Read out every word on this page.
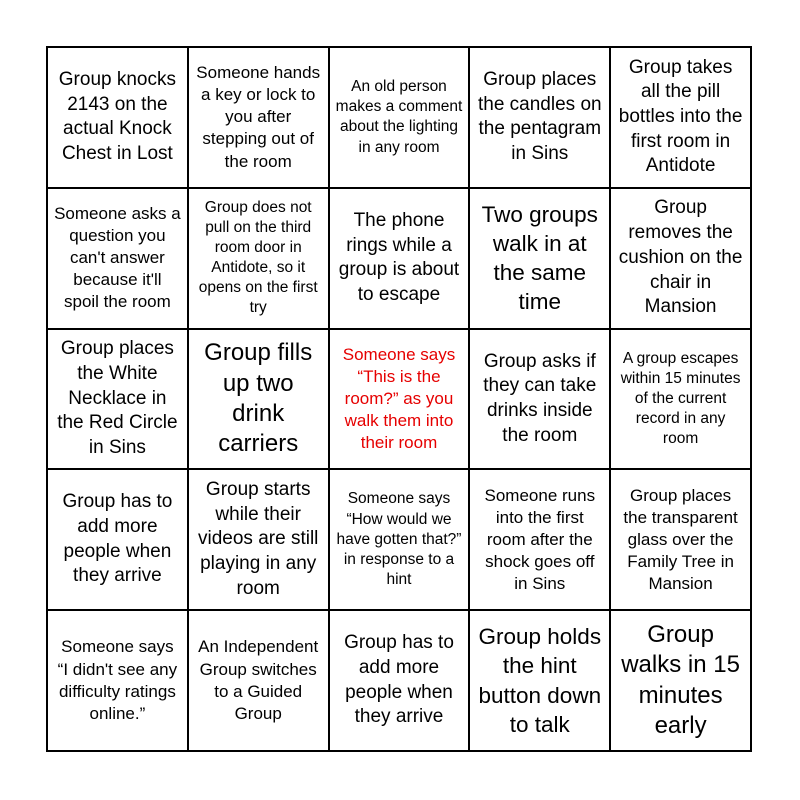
Group knocks 2143 on the actual Knock Chest in Lost
Someone hands a key or lock to you after stepping out of the room
An old person makes a comment about the lighting in any room
Group places the candles on the pentagram in Sins
Group takes all the pill bottles into the first room in Antidote
Someone asks a question you can't answer because it'll spoil the room
Group does not pull on the third room door in Antidote, so it opens on the first try
The phone rings while a group is about to escape
Two groups walk in at the same time
Group removes the cushion on the chair in Mansion
Group places the White Necklace in the Red Circle in Sins
Group fills up two drink carriers
Someone says “This is the room?” as you walk them into their room
Group asks if they can take drinks inside the room
A group escapes within 15 minutes of the current record in any room
Group has to add more people when they arrive
Group starts while their videos are still playing in any room
Someone says “How would we have gotten that?” in response to a hint
Someone runs into the first room after the shock goes off in Sins
Group places the transparent glass over the Family Tree in Mansion
Someone says “I didn't see any difficulty ratings online.”
An Independent Group switches to a Guided Group
Group has to add more people when they arrive
Group holds the hint button down to talk
Group walks in 15 minutes early
